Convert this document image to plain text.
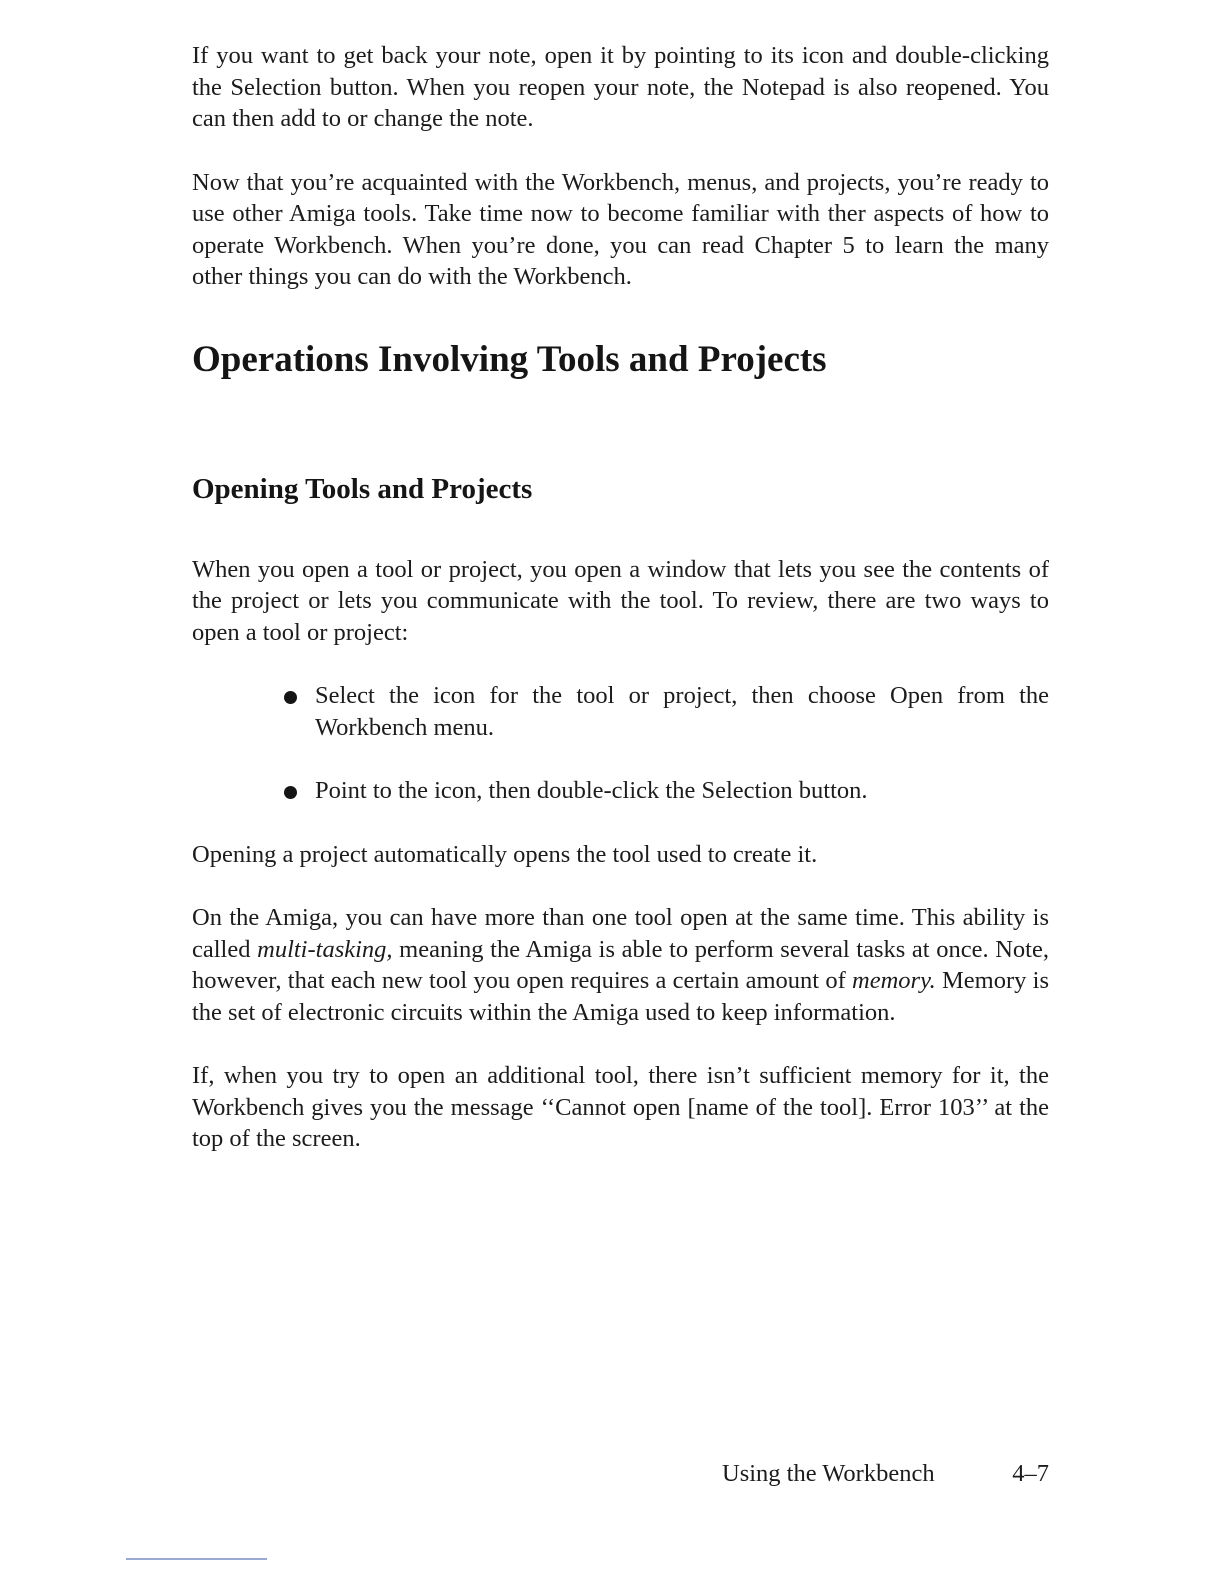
If you want to get back your note, open it by pointing to its icon and double-clicking the Selection button. When you reopen your note, the Notepad is also reopened. You can then add to or change the note.

Now that you’re acquainted with the Workbench, menus, and projects, you’re ready to use other Amiga tools. Take time now to become familiar with ther aspects of how to operate Workbench. When you’re done, you can read Chapter 5 to learn the many other things you can do with the Workbench.

Operations Involving Tools and Projects
Opening Tools and Projects

When you open a tool or project, you open a window that lets you see the contents of the project or lets you communicate with the tool. To review, there are two ways to open a tool or project:

Select the icon for the tool or project, then choose Open from the Workbench menu.
Point to the icon, then double-click the Selection button.

Opening a project automatically opens the tool used to create it.

On the Amiga, you can have more than one tool open at the same time. This ability is called multi-tasking, meaning the Amiga is able to perform several tasks at once. Note, however, that each new tool you open requires a certain amount of memory. Memory is the set of electronic circuits within the Amiga used to keep information.

If, when you try to open an additional tool, there isn’t sufficient memory for it, the Workbench gives you the message ‘‘Cannot open [name of the tool]. Error 103’’ at the top of the screen.

Using the Workbench	4–7
